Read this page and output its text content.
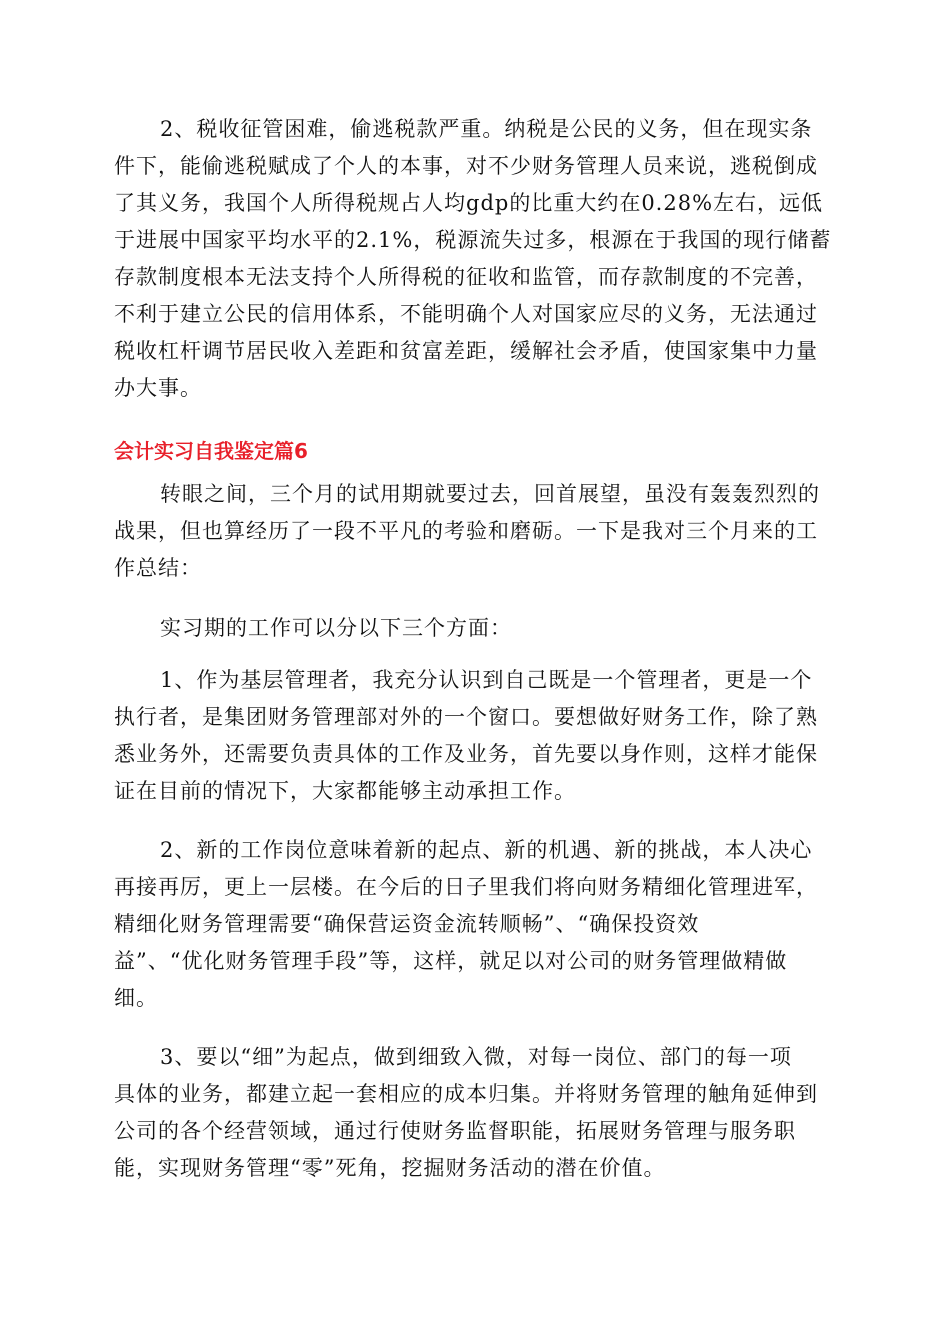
2、税收征管困难，偷逃税款严重。纳税是公民的义务，但在现实条
件下，能偷逃税赋成了个人的本事，对不少财务管理人员来说，逃税倒成
了其义务，我国个人所得税规占人均gdp的比重大约在0.28%左右，远低
于进展中国家平均水平的2.1%，税源流失过多，根源在于我国的现行储蓄
存款制度根本无法支持个人所得税的征收和监管，而存款制度的不完善，
不利于建立公民的信用体系，不能明确个人对国家应尽的义务，无法通过
税收杠杆调节居民收入差距和贫富差距，缓解社会矛盾，使国家集中力量
办大事。
会计实习自我鉴定篇6
转眼之间，三个月的试用期就要过去，回首展望，虽没有轰轰烈烈的
战果，但也算经历了一段不平凡的考验和磨砺。一下是我对三个月来的工
作总结：
实习期的工作可以分以下三个方面：
1、作为基层管理者，我充分认识到自己既是一个管理者，更是一个
执行者，是集团财务管理部对外的一个窗口。要想做好财务工作，除了熟
悉业务外，还需要负责具体的工作及业务，首先要以身作则，这样才能保
证在目前的情况下，大家都能够主动承担工作。
2、新的工作岗位意味着新的起点、新的机遇、新的挑战，本人决心
再接再厉，更上一层楼。在今后的日子里我们将向财务精细化管理进军，
精细化财务管理需要“确保营运资金流转顺畅”、“确保投资效
益”、“优化财务管理手段”等，这样，就足以对公司的财务管理做精做
细。
3、要以“细”为起点，做到细致入微，对每一岗位、部门的每一项
具体的业务，都建立起一套相应的成本归集。并将财务管理的触角延伸到
公司的各个经营领域，通过行使财务监督职能，拓展财务管理与服务职
能，实现财务管理“零”死角，挖掘财务活动的潜在价值。
